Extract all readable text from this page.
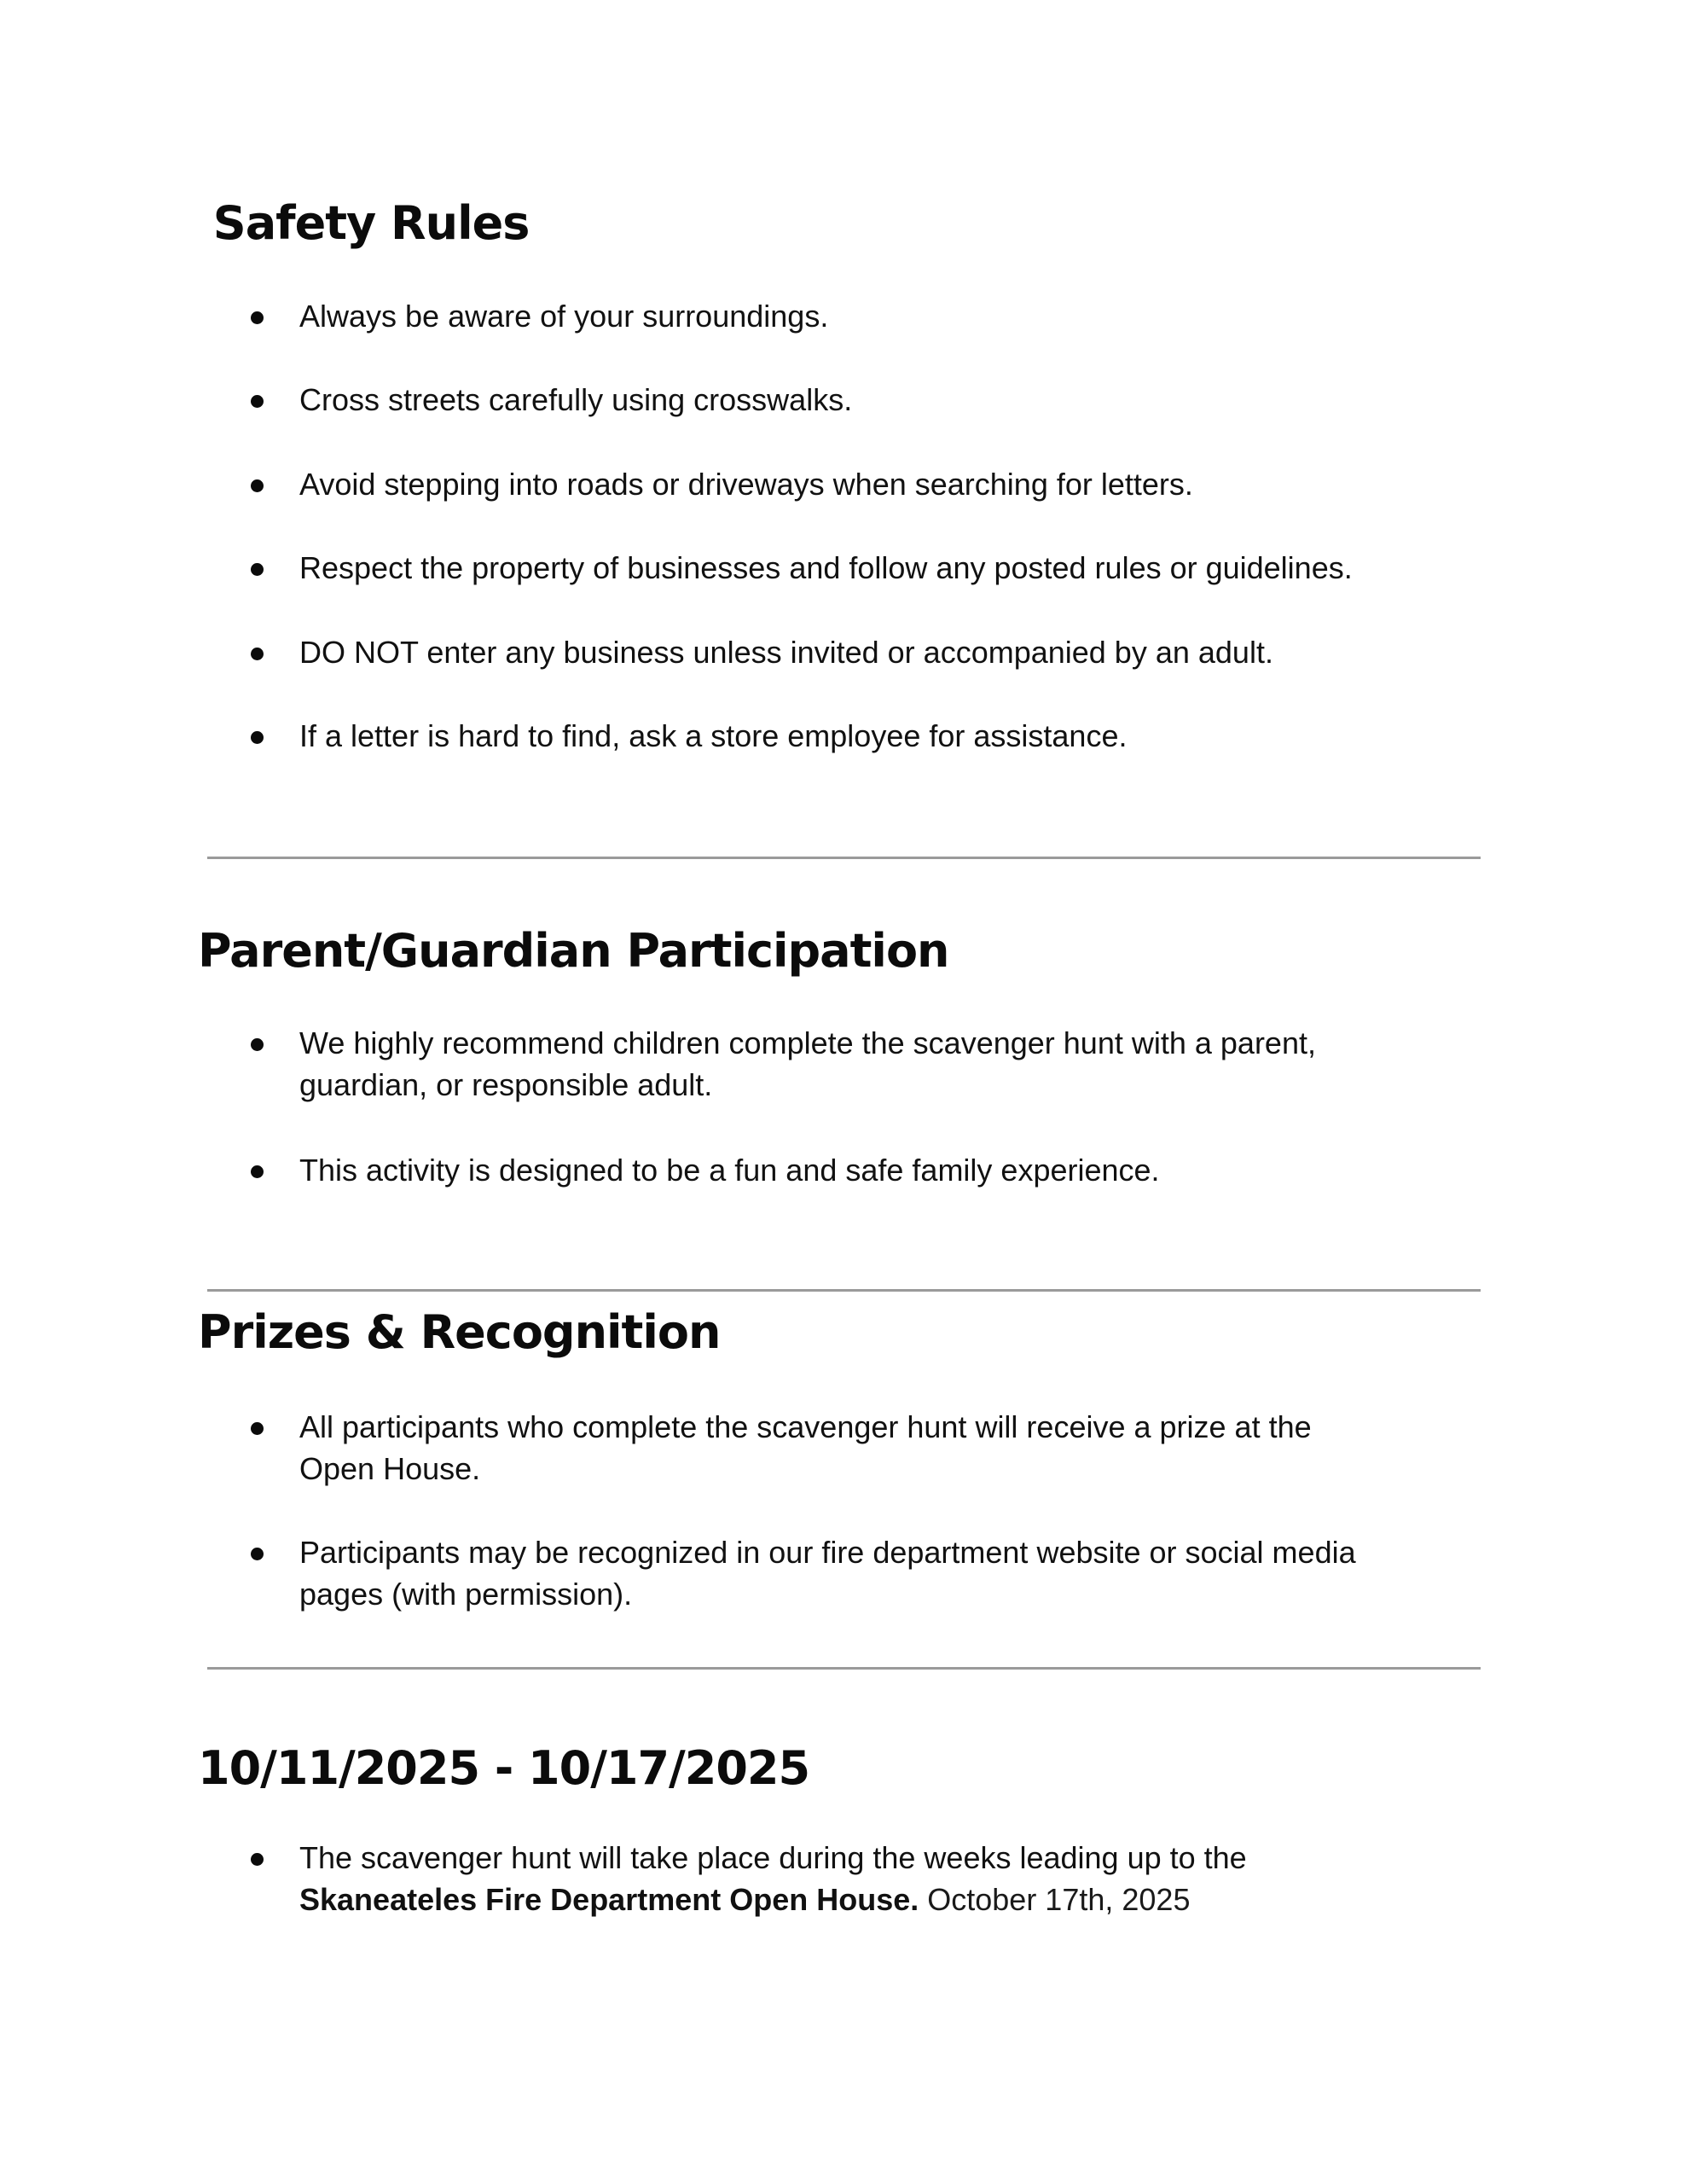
Safety Rules
Always be aware of your surroundings.
Cross streets carefully using crosswalks.
Avoid stepping into roads or driveways when searching for letters.
Respect the property of businesses and follow any posted rules or guidelines.
DO NOT enter any business unless invited or accompanied by an adult.
If a letter is hard to find, ask a store employee for assistance.
Parent/Guardian Participation
We highly recommend children complete the scavenger hunt with a parent,
guardian, or responsible adult.
This activity is designed to be a fun and safe family experience.
Prizes & Recognition
All participants who complete the scavenger hunt will receive a prize at the
Open House.
Participants may be recognized in our fire department website or social media
pages (with permission).
10/11/2025 - 10/17/2025
The scavenger hunt will take place during the weeks leading up to the
Skaneateles Fire Department Open House. October 17th, 2025
